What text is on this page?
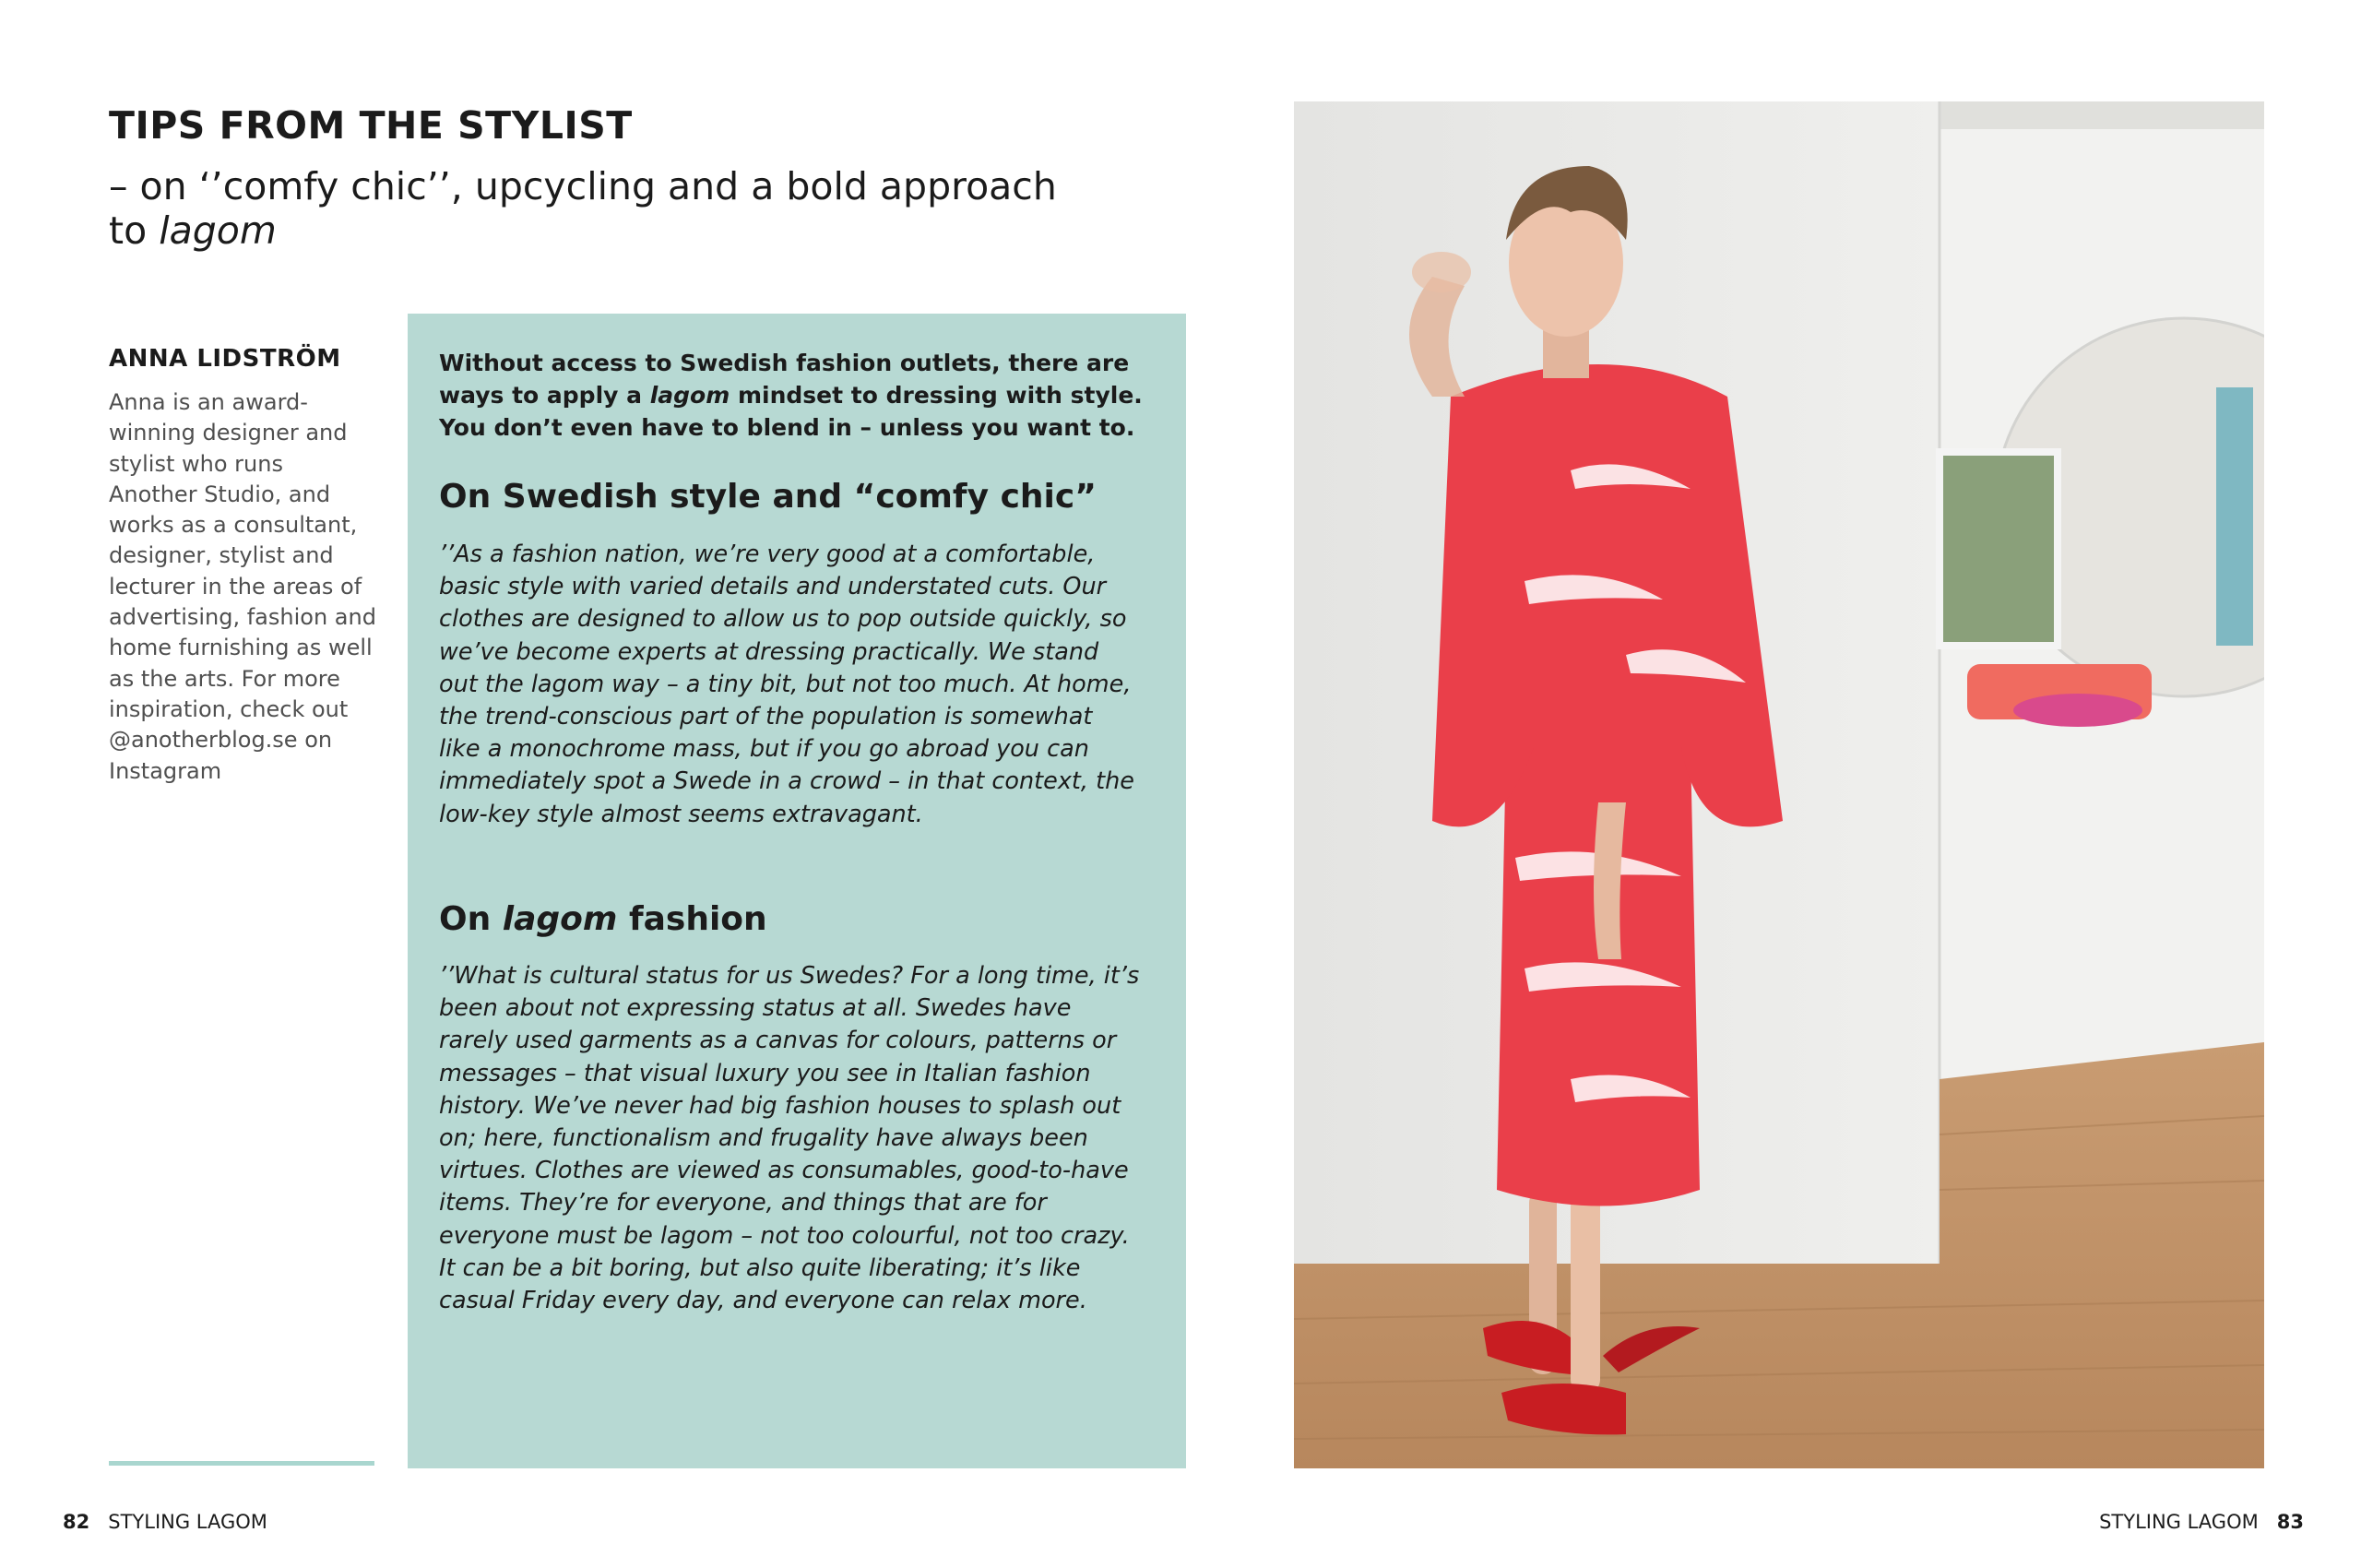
TIPS FROM THE STYLIST

– on ‘’comfy chic’’, upcycling and a bold approach
to lagom

ANNA LIDSTRÖM

Anna is an award-winning designer and stylist who runs Another Studio, and works as a consultant, designer, stylist and lecturer in the areas of advertising, fashion and home furnishing as well as the arts. For more inspiration, check out @anotherblog.se on Instagram

Without access to Swedish fashion outlets, there are ways to apply a lagom mindset to dressing with style. You don’t even have to blend in – unless you want to.

On Swedish style and “comfy chic”

’’As a fashion nation, we’re very good at a comfortable, basic style with varied details and understated cuts. Our clothes are designed to allow us to pop outside quickly, so we’ve become experts at dressing practically. We stand out the lagom way – a tiny bit, but not too much. At home, the trend-conscious part of the population is somewhat like a monochrome mass, but if you go abroad you can immediately spot a Swede in a crowd – in that context, the low-key style almost seems extravagant.

On lagom fashion

’’What is cultural status for us Swedes? For a long time, it’s been about not expressing status at all. Swedes have rarely used garments as a canvas for colours, patterns or messages – that visual luxury you see in Italian fashion history. We’ve never had big fashion houses to splash out on; here, functionalism and frugality have always been virtues. Clothes are viewed as consumables, good-to-have items. They’re for everyone, and things that are for everyone must be lagom – not too colourful, not too crazy. It can be a bit boring, but also quite liberating; it’s like casual Friday every day, and everyone can relax more.

82 STYLING LAGOM	STYLING LAGOM 83
